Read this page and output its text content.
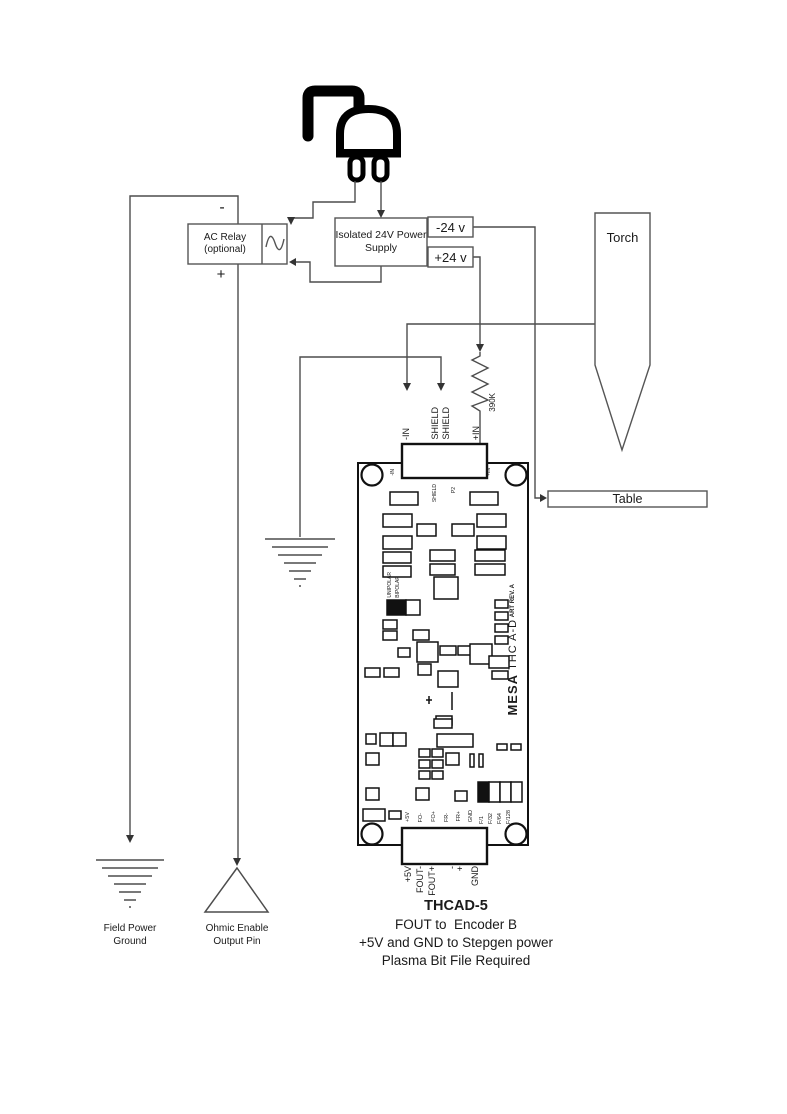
AC Relay
(optional)
-
+
Isolated 24V Power
Supply
-24 v
+24 v
Torch
Table
390K
-IN SHIELD SHIELD +IN
-IN	+IN
SHIELD	P2
UNIPOLAR BIPOLAR
MESA THC A-D ART REV. A
+5V FO- FO+ FR- FR+ GND F/1 F/32 F/64 F/128
+5V FOUT- FOUT+ -
+ GND
Field Power
Ground
Ohmic Enable
Output Pin
THCAD-5
FOUT to  Encoder B
+5V and GND to Stepgen power
Plasma Bit File Required
